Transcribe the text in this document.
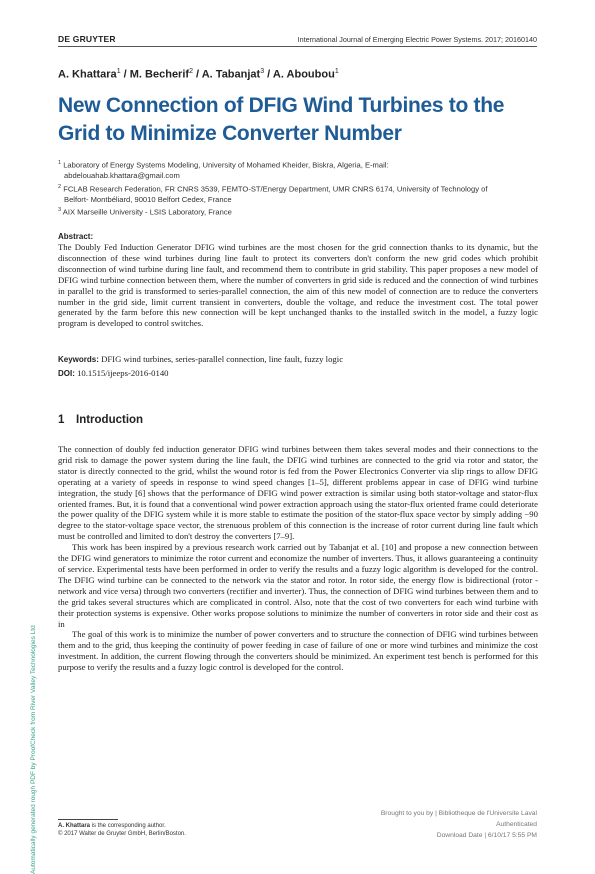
DE GRUYTER	International Journal of Emerging Electric Power Systems. 2017; 20160140
A. Khattara$^1$ / M. Becherif$^2$ / A. Tabanjat$^3$ / A. Aboubou$^1$
New Connection of DFIG Wind Turbines to the Grid to Minimize Converter Number

$^1$ Laboratory of Energy Systems Modeling, University of Mohamed Kheider, Biskra, Algeria, E-mail:
abdelouahab.khattara@gmail.com

$^2$ FCLAB Research Federation, FR CNRS 3539, FEMTO-ST/Energy Department, UMR CNRS 6174, University of Technology of
Belfort- Montbéliard, 90010 Belfort Cedex, France

$^3$ AIX Marseille University - LSIS Laboratory, France

Abstract:
The Doubly Fed Induction Generator DFIG wind turbines are the most chosen for the grid connection thanks to its dynamic, but the disconnection of these wind turbines during line fault to protect its converters don't conform the new grid codes which prohibit disconnection of wind turbine during line fault, and recommend them to contribute in grid stability. This paper proposes a new model of DFIG wind turbine connection between them, where the number of converters in grid side is reduced and the connection of wind turbines in parallel to the grid is transformed to series-parallel connection, the aim of this new model of connection are to reduce the converters number in the grid side, limit current transient in converters, double the voltage, and reduce the investment cost. The total power generated by the farm before this new connection will be kept unchanged thanks to the installed switch in the model, a fuzzy logic program is developed to control switches.
Keywords: DFIG wind turbines, series-parallel connection, line fault, fuzzy logic
DOI: 10.1515/ijeeps-2016-0140
1 Introduction

The connection of doubly fed induction generator DFIG wind turbines between them takes several modes and their connections to the grid risk to damage the power system during the line fault, the DFIG wind turbines are connected to the grid via rotor and stator, the stator is directly connected to the grid, whilst the wound rotor is fed from the Power Electronics Converter via slip rings to allow DFIG operating at a variety of speeds in response to wind speed changes [1–5], different problems appear in case of DFIG wind turbine integration, the study [6] shows that the performance of DFIG wind power extraction is similar using both stator-voltage and stator-flux oriented frames. But, it is found that a conventional wind power extraction approach using the stator-flux oriented frame could deteriorate the power quality of the DFIG system while it is more stable to estimate the position of the stator-flux space vector by simply adding −90 degree to the stator-voltage space vector, the strenuous problem of this connection is the increase of rotor current during line fault which must be controlled and limited to don't destroy the converters [7–9].

This work has been inspired by a previous research work carried out by Tabanjat et al. [10] and propose a new connection between the DFIG wind generators to minimize the rotor current and economize the number of inverters. Thus, it allows guaranteeing a continuity of service. Experimental tests have been performed in order to verify the results and a fuzzy logic algorithm is developed for the control. The DFIG wind turbine can be connected to the network via the stator and rotor. In rotor side, the energy flow is bidirectional (rotor - network and vice versa) through two converters (rectifier and inverter). Thus, the connection of DFIG wind turbines between them and to the grid takes several structures which are complicated in control. Also, note that the cost of two converters for each wind turbine with their protection systems is expensive. Other works propose solutions to minimize the number of converters in rotor side and their cost as in

The goal of this work is to minimize the number of power converters and to structure the connection of DFIG wind turbines between them and to the grid, thus keeping the continuity of power feeding in case of failure of one or more wind turbines and minimize the cost investment. In addition, the current flowing through the converters should be minimized. An experiment test bench is performed for this purpose to verify the results and a fuzzy logic control is developed for the control.

Automatically generated rough PDF by ProofCheck from River Valley Technologies Ltd	A. Khattara is the corresponding author.
© 2017 Walter de Gruyter GmbH, Berlin/Boston.
Brought to you by | Bibliotheque de l'Universite Laval
Authenticated
Download Date | 6/10/17 5:55 PM
